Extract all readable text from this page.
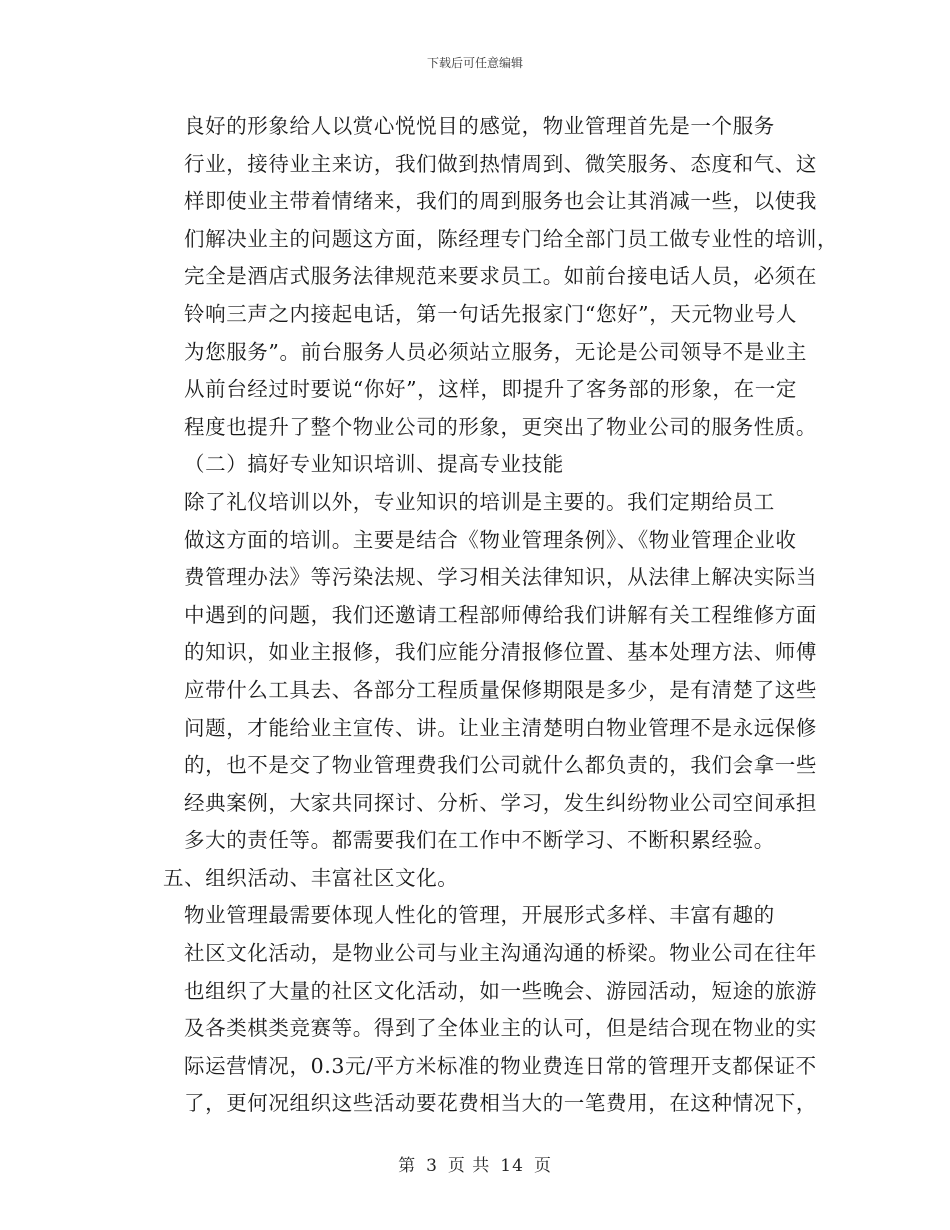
下载后可任意编辑
良好的形象给人以赏心悦悦目的感觉，物业管理首先是一个服务
行业，接待业主来访，我们做到热情周到、微笑服务、态度和气、这
样即使业主带着情绪来，我们的周到服务也会让其消减一些，以使我
们解决业主的问题这方面，陈经理专门给全部门员工做专业性的培训，
完全是酒店式服务法律规范来要求员工。如前台接电话人员，必须在
铃响三声之内接起电话，第一句话先报家门“您好”，天元物业号人
为您服务”。前台服务人员必须站立服务，无论是公司领导不是业主
从前台经过时要说“你好”，这样，即提升了客务部的形象，在一定
程度也提升了整个物业公司的形象，更突出了物业公司的服务性质。
（二）搞好专业知识培训、提高专业技能
除了礼仪培训以外，专业知识的培训是主要的。我们定期给员工
做这方面的培训。主要是结合《物业管理条例》、《物业管理企业收
费管理办法》等污染法规、学习相关法律知识，从法律上解决实际当
中遇到的问题，我们还邀请工程部师傅给我们讲解有关工程维修方面
的知识，如业主报修，我们应能分清报修位置、基本处理方法、师傅
应带什么工具去、各部分工程质量保修期限是多少，是有清楚了这些
问题，才能给业主宣传、讲。让业主清楚明白物业管理不是永远保修
的，也不是交了物业管理费我们公司就什么都负责的，我们会拿一些
经典案例，大家共同探讨、分析、学习，发生纠纷物业公司空间承担
多大的责任等。都需要我们在工作中不断学习、不断积累经验。
五、组织活动、丰富社区文化。
物业管理最需要体现人性化的管理，开展形式多样、丰富有趣的
社区文化活动，是物业公司与业主沟通沟通的桥梁。物业公司在往年
也组织了大量的社区文化活动，如一些晚会、游园活动，短途的旅游
及各类棋类竞赛等。得到了全体业主的认可，但是结合现在物业的实
际运营情况，0.3元/平方米标准的物业费连日常的管理开支都保证不
了，更何况组织这些活动要花费相当大的一笔费用，在这种情况下，
第 3 页 共 14 页
